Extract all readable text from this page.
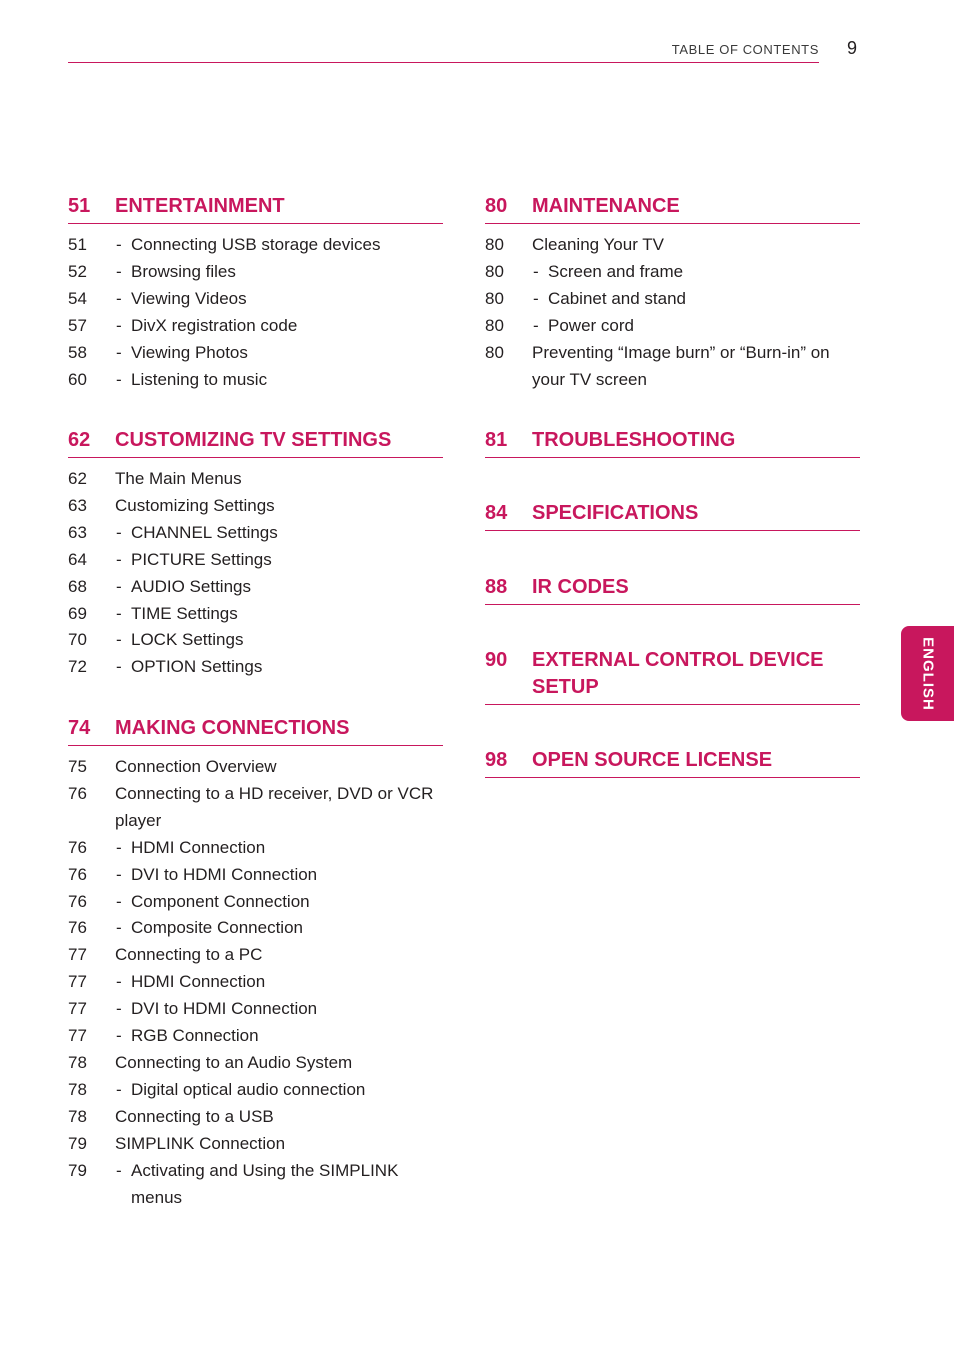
TABLE OF CONTENTS 9
51 ENTERTAINMENT
51 - Connecting USB storage devices
52 - Browsing files
54 - Viewing Videos
57 - DivX registration code
58 - Viewing Photos
60 - Listening to music
62 CUSTOMIZING TV SETTINGS
62 The Main Menus
63 Customizing Settings
63 - CHANNEL Settings
64 - PICTURE Settings
68 - AUDIO Settings
69 - TIME Settings
70 - LOCK Settings
72 - OPTION Settings
74 MAKING CONNECTIONS
75 Connection Overview
76 Connecting to a HD receiver, DVD or VCR player
76 - HDMI Connection
76 - DVI to HDMI Connection
76 - Component Connection
76 - Composite Connection
77 Connecting to a PC
77 - HDMI Connection
77 - DVI to HDMI Connection
77 - RGB Connection
78 Connecting to an Audio System
78 - Digital optical audio connection
78 Connecting to a USB
79 SIMPLINK Connection
79 - Activating and Using the SIMPLINK menus
80 MAINTENANCE
80 Cleaning Your TV
80 - Screen and frame
80 - Cabinet and stand
80 - Power cord
80 Preventing “Image burn” or “Burn-in” on your TV screen
81 TROUBLESHOOTING
84 SPECIFICATIONS
88 IR CODES
90 EXTERNAL CONTROL DEVICE SETUP
98 OPEN SOURCE LICENSE
ENGLISH
